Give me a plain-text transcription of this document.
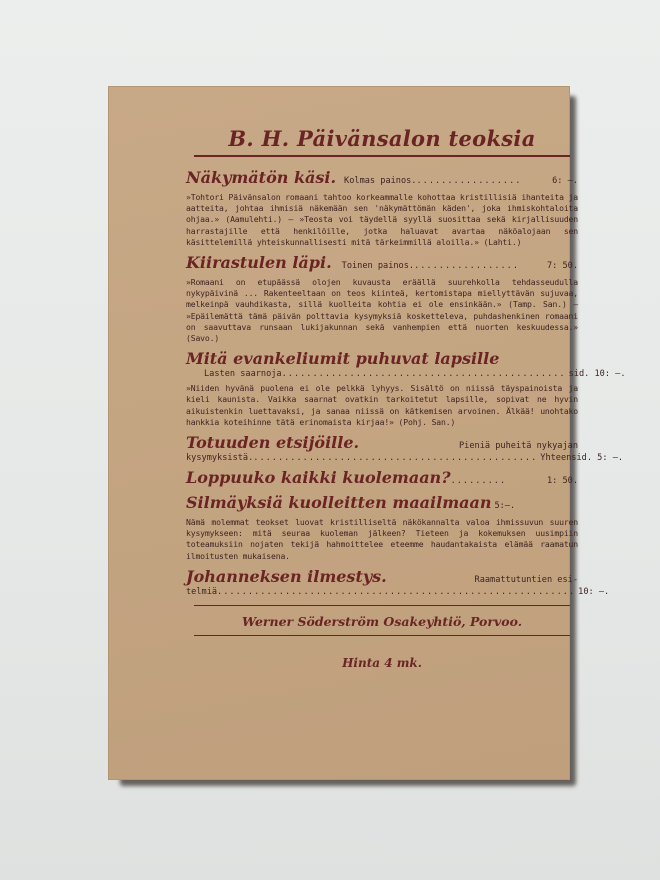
B. H. Päivänsalon teoksia
Näkymätön käsi. Kolmas painos. .................	6: —.
»Tohtori Päivänsalon romaani tahtoo korkeammalle kohottaa kristillisiä ihanteita ja aatteita, johtaa ihmisiä näkemään sen 'näkymättömän käden', joka ihmiskohtaloita ohjaa.» (Aamulehti.) — »Teosta voi täydellä syyllä suosittaa sekä kirjallisuuden harrastajille että henkilöille, jotka haluavat avartaa näköalojaan sen käsittelemillä yhteiskunnallisesti mitä tärkeimmillä aloilla.» (Lahti.)
Kiirastulen läpi. Toinen painos. .................	7: 50.
»Romaani on etupäässä olojen kuvausta eräällä suurehkolla tehdasseudulla nykypäivinä ... Rakenteeltaan on teos kiinteä, kertomistapa miellyttävän sujuvaa, melkeinpä vauhdikasta, sillä kuolleita kohtia ei ole ensinkään.» (Tamp. San.) — »Epäilemättä tämä päivän polttavia kysymyksiä koskettelevа, puhdashenkinen romaani on saavuttava runsaan lukijakunnan sekä vanhempien että nuorten keskuudessa.» (Savo.)
Mitä evankeliumit puhuvat lapsille
Lasten saarnoja .............................................. sid. 10: —.
»Niiden hyvänä puolena ei ole pelkkä lyhyys. Sisältö on niissä täyspainoista ja kieli kaunista. Vaikka saarnat ovatkin tarkoitetut lapsille, sopivat ne hyvin aikuistenkin luettavaksi, ja sanaa niissä on kätkemisen arvoinen. Älkää! unohtako hankkia koteihinne tätä erinomaista kirjaa!» (Pohj. San.)
Totuuden etsijöille.	Pieniä puheitä nykyajan
kysymyksistä. .............................................. Yhteensid. 5: —.
Loppuuko kaikki kuolemaan? .........	1: 50.
Silmäyksiä kuolleitten maailmaan 5:—.
Nämä molemmat teokset luovat kristilliseltä näkökannalta valoa ihmissuvun suuren kysymykseen: mitä seuraa kuoleman jälkeen? Tieteen ja kokemuksen uusimpiin toteamuksiin nojaten tekijä hahmoittelee eteemme haudantakaista elämää raamatun ilmoitusten mukaisena.
Johanneksen ilmestys.	Raamattutuntien esi-
telmiä .......................................................... 10: —.
Werner Söderström Osakeyhtiö, Porvoo.
Hinta 4 mk.
